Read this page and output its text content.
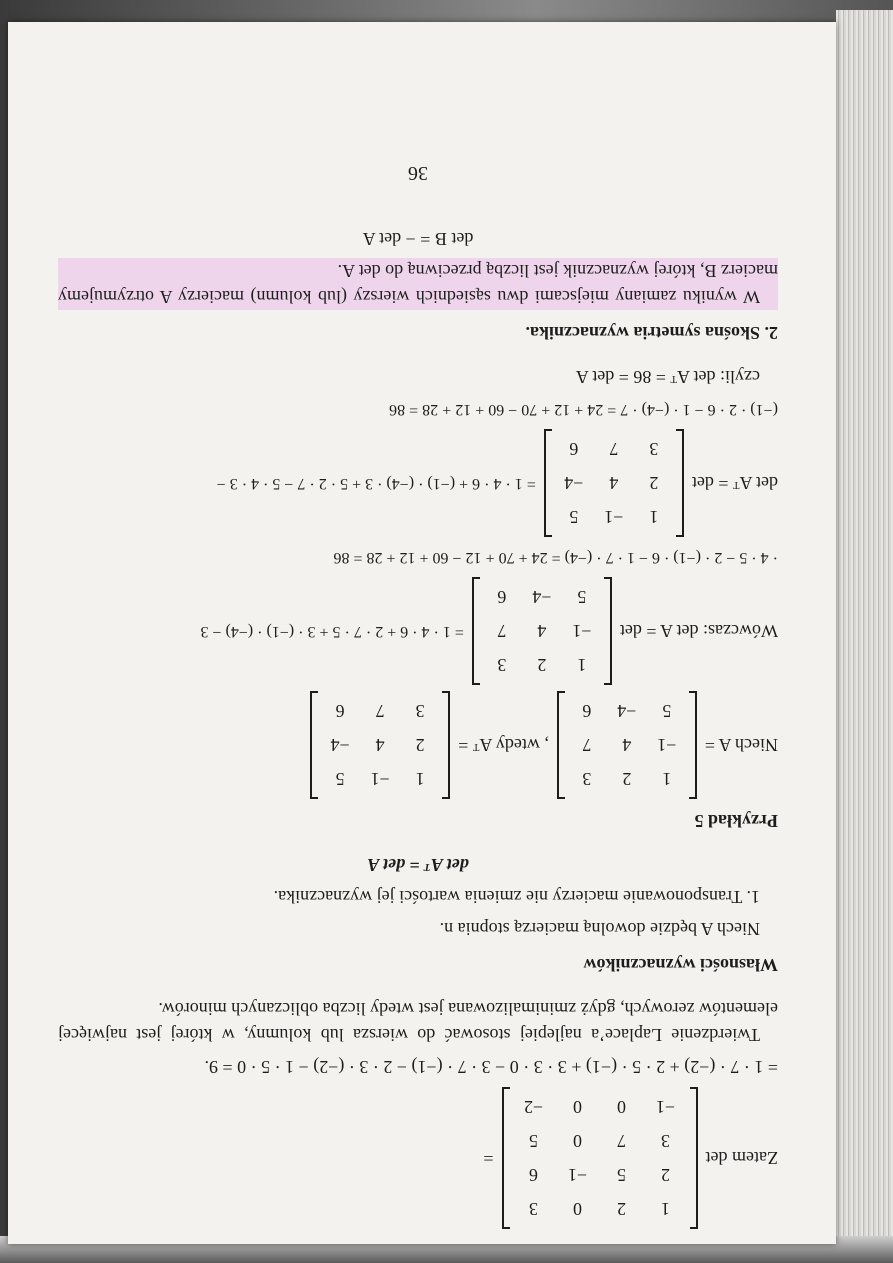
Zatem det
1
2
0
3
2
5
−1
6
3
7
0
5
−1
0
0
−2
=

= 1 · 7 · (−2) + 2 · 5 · (−1) + 3 · 3 · 0 − 3 · 7 · (−1) − 2 · 3 · (−2) − 1 · 5 · 0 = 9.

Twierdzenie Laplace’a najlepiej stosować do wiersza lub kolumny, w której jest najwięcej elementów zerowych, gdyż zminimalizowana jest wtedy liczba obliczanych minorów.

Własności wyznaczników

Niech A będzie dowolną macierzą stopnia n.

1. Transponowanie macierzy nie zmienia wartości jej wyznacznika.

det Aᵀ = det A

Przykład 5

Niech A =
1
2
3
−1
4
7
5
−4
6
, wtedy Aᵀ =
1
−1
5
2
4
−4
3
7
6
Wówczas: det A = det
1
2
3
−1
4
7
5
−4
6
= 1 · 4 · 6 + 2 · 7 · 5 + 3 · (−1) · (−4) − 3

· 4 · 5 − 2 · (−1) · 6 − 1 · 7 · (−4) = 24 + 70 + 12 − 60 + 12 + 28 = 86

det Aᵀ = det
1
−1
5
2
4
−4
3
7
6
= 1 · 4 · 6 + (−1) · (−4) · 3 + 5 · 2 · 7 − 5 · 4 · 3 −

(−1) · 2 · 6 − 1 · (−4) · 7 = 24 + 12 + 70 − 60 + 12 + 28 = 86

czyli: det Aᵀ = 86 = det A

2. Skośna symetria wyznacznika.

W wyniku zamiany miejscami dwu sąsiednich wierszy (lub kolumn) macierzy A otrzymujemy macierz B, której wyznacznik jest liczbą przeciwną do det A.

det B = − det A

36
